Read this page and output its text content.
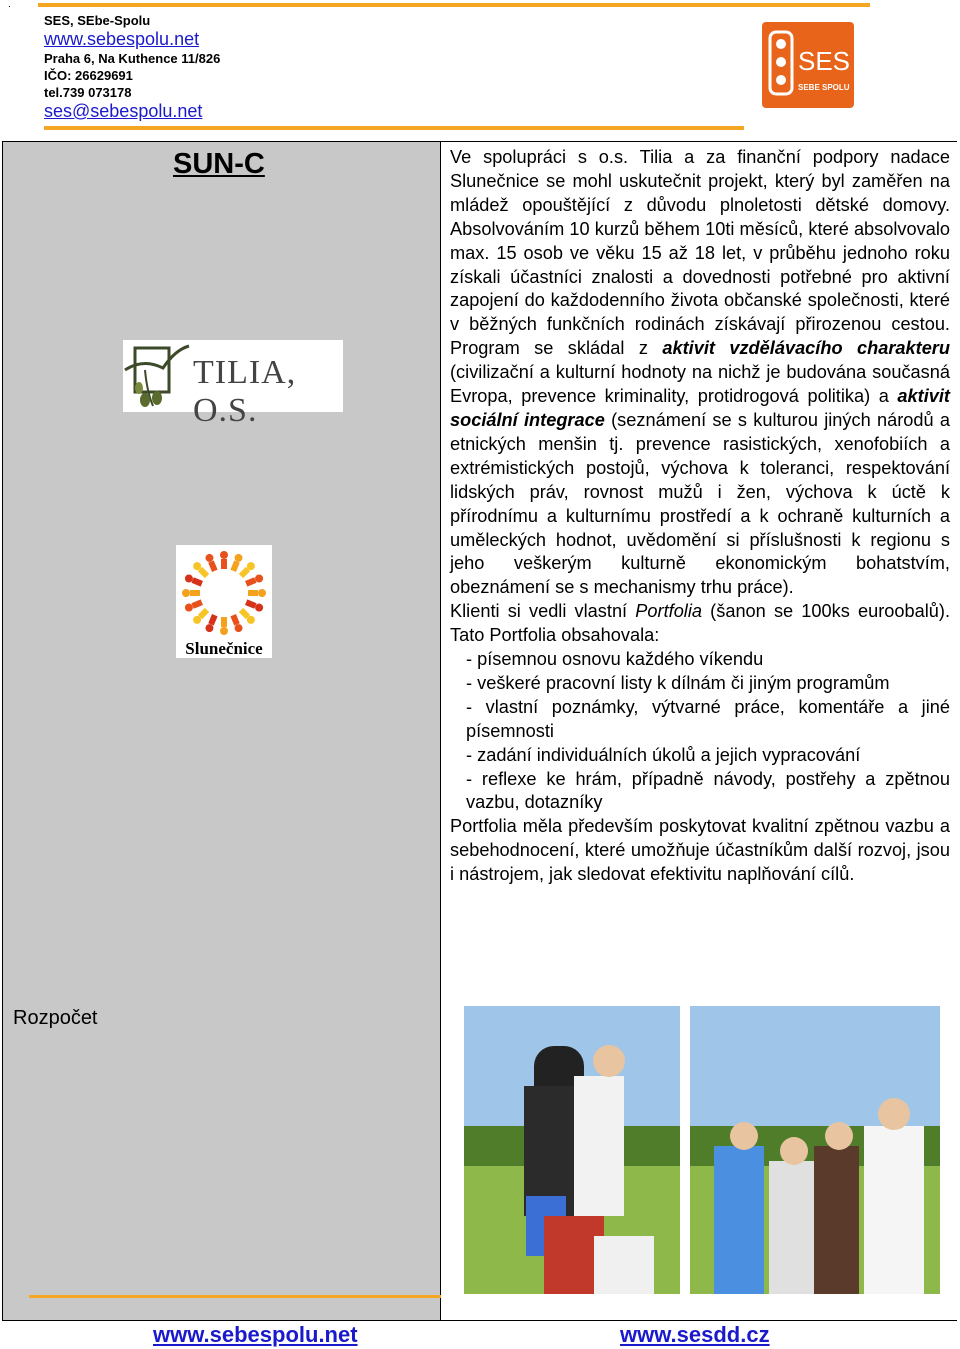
.
SES, SEbe-Spolu
www.sebespolu.net
Praha 6, Na Kuthence 11/826
IČO: 26629691
tel.739 073178
ses@sebespolu.net
SES
SEBE SPOLU
SUN-C
TILIA, O.S.
Slunečnice
Rozpočet

Ve spolupráci s o.s. Tilia a za finanční podpory nadace Slunečnice se mohl uskutečnit projekt, který byl zaměřen na mládež opouštějící z důvodu plnoletosti dětské domovy. Absolvováním 10 kurzů během 10ti měsíců, které absolvovalo max. 15 osob ve věku 15 až 18 let, v průběhu jednoho roku získali účastníci znalosti a dovednosti potřebné pro aktivní zapojení do každodenního života občanské společnosti, které v běžných funkčních rodinách získávají přirozenou cestou. Program se skládal z aktivit vzdělávacího charakteru (civilizační a kulturní hodnoty na nichž je budována současná Evropa, prevence kriminality, protidrogová politika) a aktivit sociální integrace (seznámení se s kulturou jiných národů a etnických menšin tj. prevence rasistických, xenofobiích a extrémistických postojů, výchova k toleranci, respektování lidských práv, rovnost mužů i žen, výchova k úctě k přírodnímu a kulturnímu prostředí a k ochraně kulturních a uměleckých hodnot, uvědomění si příslušnosti k regionu s jeho veškerým kulturně ekonomickým bohatstvím, obeznámení se s mechanismy trhu práce).

Klienti si vedli vlastní Portfolia (šanon se 100ks euroobalů). Tato Portfolia obsahovala:

- písemnou osnovu každého víkendu
- veškeré pracovní listy k dílnám či jiným programům
- vlastní poznámky, výtvarné práce, komentáře a jiné písemnosti
- zadání individuálních úkolů a jejich vypracování
- reflexe ke hrám, případně návody, postřehy a zpětnou vazbu, dotazníky

Portfolia měla především poskytovat kvalitní zpětnou vazbu a sebehodnocení, které umožňuje účastníkům další rozvoj, jsou i nástrojem, jak sledovat efektivitu naplňování cílů.

www.sebespolu.net	www.sesdd.cz
